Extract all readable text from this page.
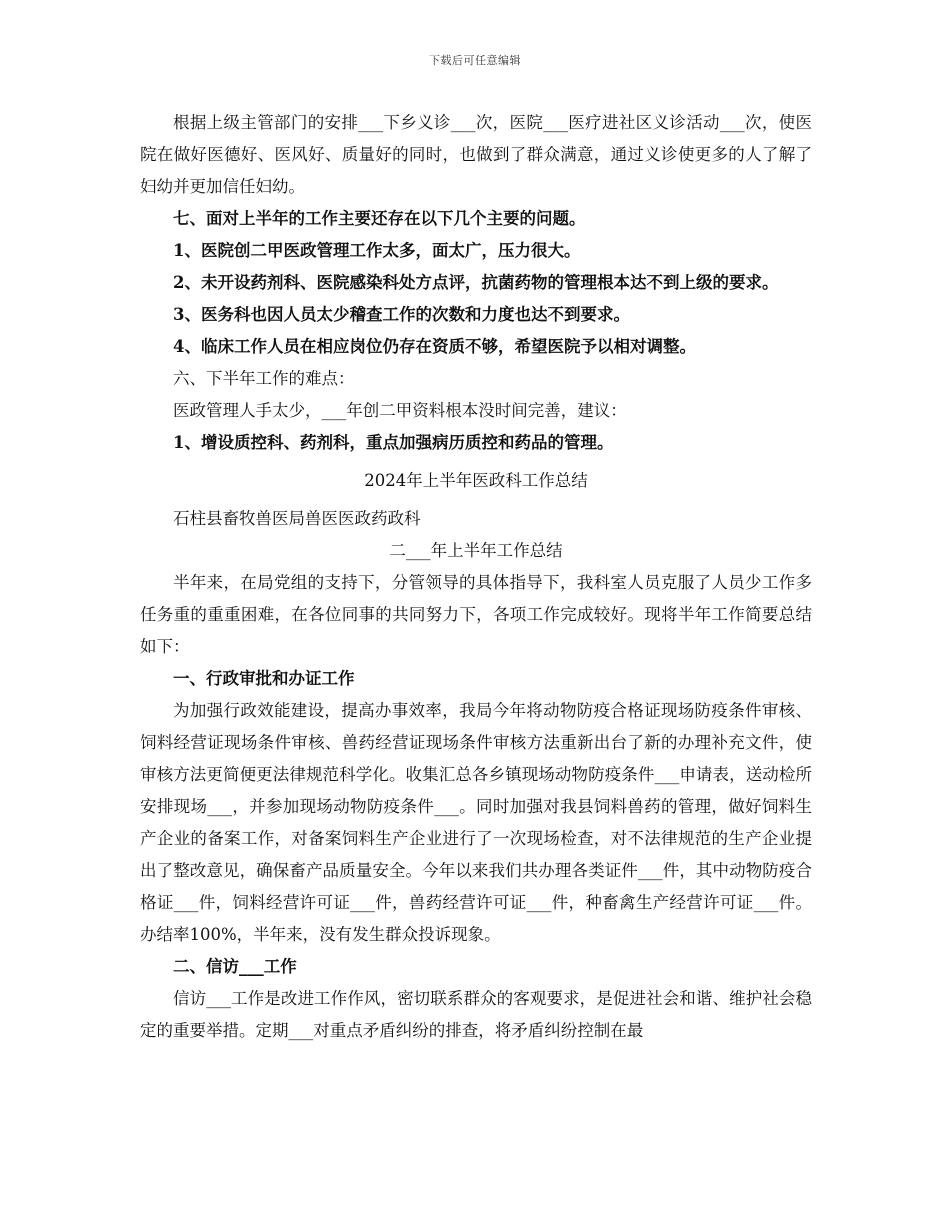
下载后可任意编辑

根据上级主管部门的安排___下乡义诊___次，医院___医疗进社区义诊活动___次，使医院在做好医德好、医风好、质量好的同时，也做到了群众满意，通过义诊使更多的人了解了妇幼并更加信任妇幼。

七、面对上半年的工作主要还存在以下几个主要的问题。

1、医院创二甲医政管理工作太多，面太广，压力很大。

2、未开设药剂科、医院感染科处方点评，抗菌药物的管理根本达不到上级的要求。

3、医务科也因人员太少稽查工作的次数和力度也达不到要求。

4、临床工作人员在相应岗位仍存在资质不够，希望医院予以相对调整。

六、下半年工作的难点：

医政管理人手太少，___年创二甲资料根本没时间完善，建议：

1、增设质控科、药剂科，重点加强病历质控和药品的管理。

2024年上半年医政科工作总结

石柱县畜牧兽医局兽医医政药政科

二___年上半年工作总结

半年来，在局党组的支持下，分管领导的具体指导下，我科室人员克服了人员少工作多任务重的重重困难，在各位同事的共同努力下，各项工作完成较好。现将半年工作简要总结如下：

一、行政审批和办证工作

为加强行政效能建设，提高办事效率，我局今年将动物防疫合格证现场防疫条件审核、饲料经营证现场条件审核、兽药经营证现场条件审核方法重新出台了新的办理补充文件，使审核方法更简便更法律规范科学化。收集汇总各乡镇现场动物防疫条件___申请表，送动检所安排现场___，并参加现场动物防疫条件___。同时加强对我县饲料兽药的管理，做好饲料生产企业的备案工作，对备案饲料生产企业进行了一次现场检查，对不法律规范的生产企业提出了整改意见，确保畜产品质量安全。今年以来我们共办理各类证件___件，其中动物防疫合格证___件，饲料经营许可证___件，兽药经营许可证___件，种畜禽生产经营许可证___件。办结率100%，半年来，没有发生群众投诉现象。

二、信访___工作

信访___工作是改进工作作风，密切联系群众的客观要求，是促进社会和谐、维护社会稳定的重要举措。定期___对重点矛盾纠纷的排查，将矛盾纠纷控制在最
